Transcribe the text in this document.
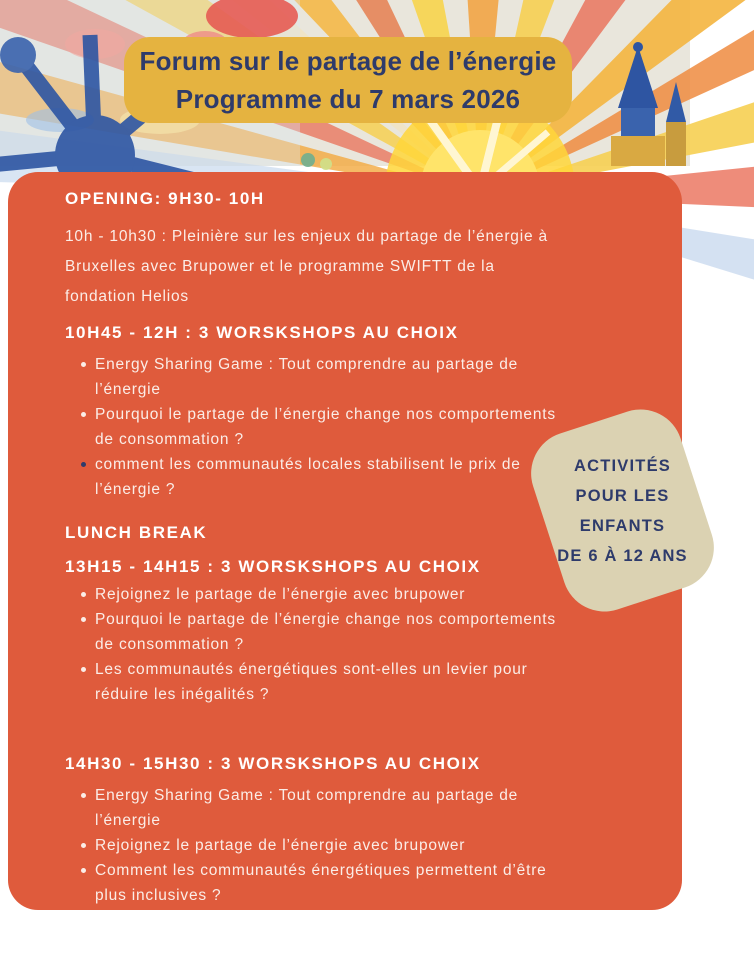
Forum sur le partage de l’énergie
Programme du 7 mars 2026
OPENING: 9H30- 10H

10h - 10h30 : Pleinière sur les enjeux du partage de l’énergie à Bruxelles avec Brupower et le programme SWIFTT de la fondation Helios

10H45 - 12H : 3 WORSKSHOPS AU CHOIX
Energy Sharing Game : Tout comprendre au partage de l’énergie
Pourquoi le partage de l’énergie change nos comportements de consommation ?
comment les communautés locales stabilisent le prix de l’énergie ?
LUNCH BREAK
13H15 - 14H15 : 3 WORSKSHOPS AU CHOIX
Rejoignez le partage de l’énergie avec brupower
Pourquoi le partage de l’énergie change nos comportements de consommation ?
Les communautés énergétiques sont-elles un levier pour réduire les inégalités ?
14H30 - 15H30 : 3 WORSKSHOPS AU CHOIX
Energy Sharing Game : Tout comprendre au partage de l’énergie
Rejoignez le partage de l’énergie avec brupower
Comment les communautés énergétiques permettent d’être plus inclusives ?
15H30 -16H : CLOTURE
ACTIVITÉS
POUR LES
ENFANTS
DE 6 À 12 ANS
